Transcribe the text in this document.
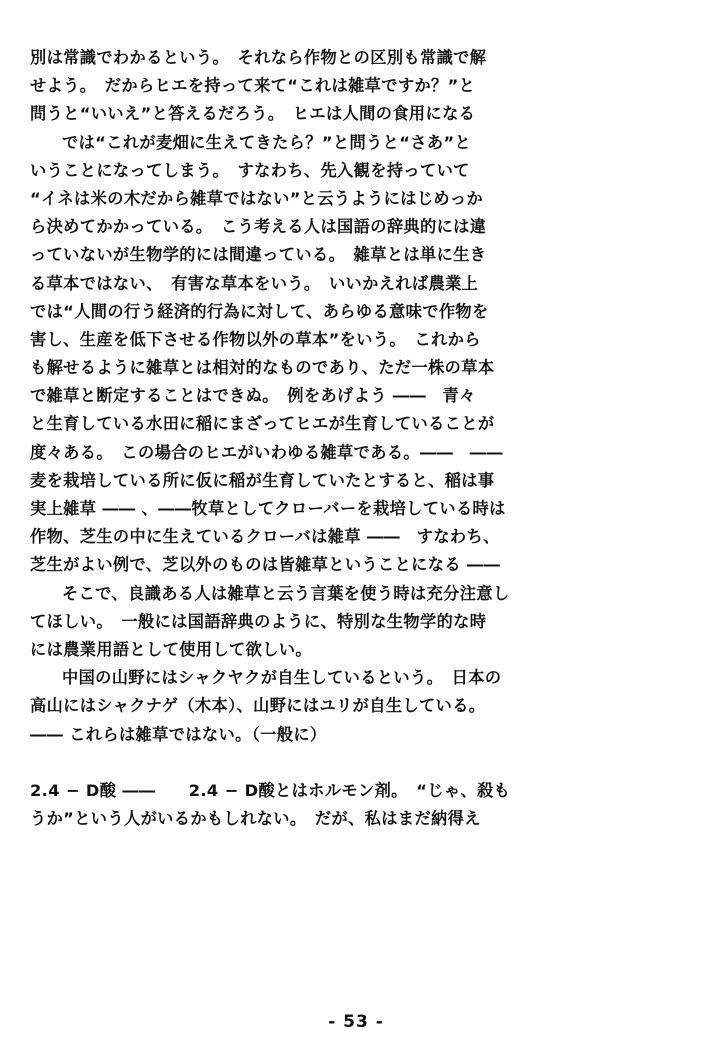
別は常識でわかるという。　それなら作物との区別も常識で解
せよう。　だからヒエを持って来て“これは雑草ですか？”と
問うと“いいえ”と答えるだろう。　ヒエは人間の食用になる
では“これが麦畑に生えてきたら？”と問うと“さあ”と
いうことになってしまう。　すなわち、先入観を持っていて
“イネは米の木だから雑草ではない”と云うようにはじめっか
ら決めてかかっている。　こう考える人は国語の辞典的には違
っていないが生物学的には間違っている。　雑草とは単に生き
る草本ではない、　有害な草本をいう。　いいかえれば農業上
では“人間の行う経済的行為に対して、あらゆる意味で作物を
害し、生産を低下させる作物以外の草本”をいう。　これから
も解せるように雑草とは相対的なものであり、ただ一株の草本
で雑草と断定することはできぬ。　例をあげよう ――　青々
と生育している水田に稲にまざってヒエが生育していることが
度々ある。　この場合のヒエがいわゆる雑草である。――　――
麦を栽培している所に仮に稲が生育していたとすると、稲は事
実上雑草 ―― 、――牧草としてクローバーを栽培している時は
作物、芝生の中に生えているクローバは雑草 ――　すなわち、
芝生がよい例で、芝以外のものは皆雑草ということになる ――
そこで、良識ある人は雑草と云う言葉を使う時は充分注意し
てほしい。　一般には国語辞典のように、特別な生物学的な時
には農業用語として使用して欲しい。
中国の山野にはシャクヤクが自生しているという。　日本の
高山にはシャクナゲ（木本）、山野にはユリが自生している。
―― これらは雑草ではない。（一般に）
2.4 − D酸 ――　　2.4 − D酸とはホルモン剤。　“じゃ、殺も
うか”という人がいるかもしれない。　だが、私はまだ納得え
- 53 -
